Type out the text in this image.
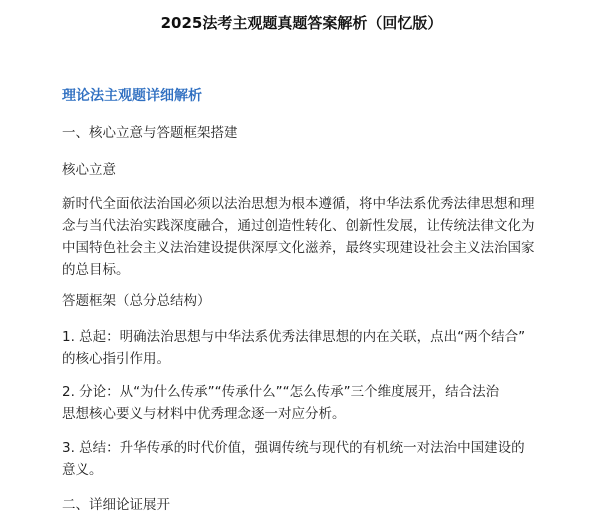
2025法考主观题真题答案解析（回忆版）
理论法主观题详细解析
一、核心立意与答题框架搭建
核心立意
新时代全面依法治国必须以法治思想为根本遵循，将中华法系优秀法律思想和理
念与当代法治实践深度融合，通过创造性转化、创新性发展，让传统法律文化为
中国特色社会主义法治建设提供深厚文化滋养，最终实现建设社会主义法治国家
的总目标。
答题框架（总分总结构）
1. 总起：明确法治思想与中华法系优秀法律思想的内在关联，点出“两个结合”
的核心指引作用。
2. 分论：从“为什么传承”“传承什么”“怎么传承”三个维度展开，结合法治
思想核心要义与材料中优秀理念逐一对应分析。
3. 总结：升华传承的时代价值，强调传统与现代的有机统一对法治中国建设的
意义。
二、详细论证展开
